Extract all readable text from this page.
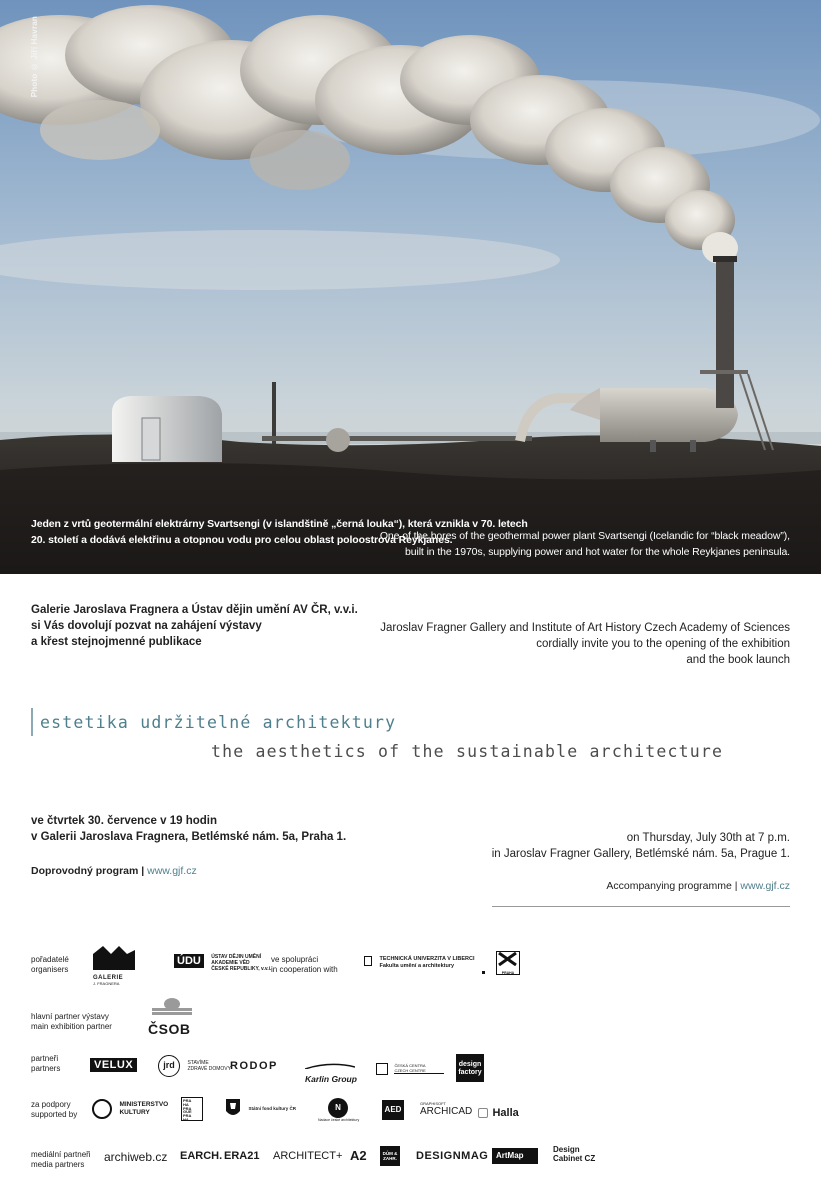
Photo © Jiří Havran
Jeden z vrtů geotermální elektrárny Svartsengi (v islandštině „černá louka“), která vznikla v 70. letech
20. století a dodává elektřinu a otopnou vodu pro celou oblast poloostrova Reykjanes.
One of the bores of the geothermal power plant Svartsengi (Icelandic for “black meadow”),
built in the 1970s, supplying power and hot water for the whole Reykjanes peninsula.
Galerie Jaroslava Fragnera a Ústav dějin umění AV ČR, v.v.i.
si Vás dovolují pozvat na zahájení výstavy
a křest stejnojmenné publikace
Jaroslav Fragner Gallery and Institute of Art History Czech Academy of Sciences
cordially invite you to the opening of the exhibition
and the book launch
estetika udržitelné architektury
the aesthetics of the sustainable architecture
ve čtvrtek 30. července v 19 hodin
v Galerii Jaroslava Fragnera, Betlémské nám. 5a, Praha 1.	on Thursday, July 30th at 7 p.m.
in Jaroslav Fragner Gallery, Betlémské nám. 5a, Prague 1.
Doprovodný program | www.gjf.cz
Accompanying programme | www.gjf.cz
pořadatelé
organisers
GALERIE
J. FRAGNERA
ÚDU ÚSTAV DĚJIN UMĚNÍ
AKADEMIE VĚD
ČESKÉ REPUBLIKY, v.v.i.
ve spolupráci
in cooperation with

TECHNICKÁ UNIVERZITA V LIBERCI
Fakulta umění a architektury

PRAHA
hlavní partner výstavy
main exhibition partner	ČSOB
partneři
partners	VELUX	jrd	STAVÍME
ZDRAVÉ DOMOVY RODOP
Karlin Group

ČESKÁ CENTRA
CZECH CENTRE
design
factory
za podpory
supported by

MINISTERSTVO
KULTURY
PRA
HA
PRA
GUE
PRA
HA
Státní fond kultury ČR	N
Nadace české architektury
AED
GRAPHISOFT
ARCHICAD	Halla
mediální partneři
media partners
archiweb.cz EARCH. ERA21 ARCHITECT+ A2	DŮM &
ZAHR. DESIGNMAG ArtMap
Design
Cabinet CZ
